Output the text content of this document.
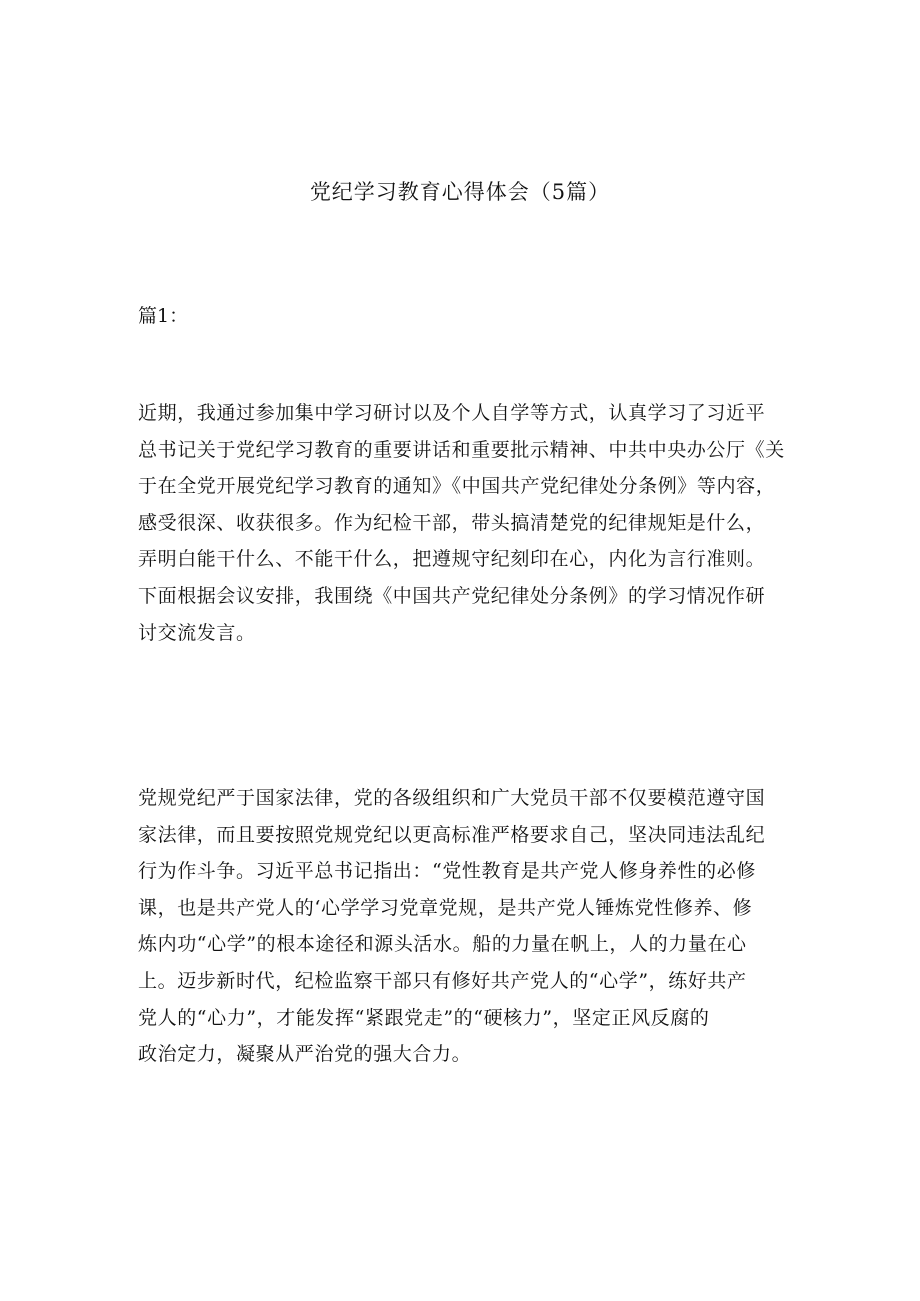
党纪学习教育心得体会（5篇）
篇1：
近期，我通过参加集中学习研讨以及个人自学等方式，认真学习了习近平
总书记关于党纪学习教育的重要讲话和重要批示精神、中共中央办公厅《关
于在全党开展党纪学习教育的通知》《中国共产党纪律处分条例》等内容，
感受很深、收获很多。作为纪检干部，带头搞清楚党的纪律规矩是什么，
弄明白能干什么、不能干什么，把遵规守纪刻印在心，内化为言行准则。
下面根据会议安排，我围绕《中国共产党纪律处分条例》的学习情况作研
讨交流发言。
党规党纪严于国家法律，党的各级组织和广大党员干部不仅要模范遵守国
家法律，而且要按照党规党纪以更高标准严格要求自己，坚决同违法乱纪
行为作斗争。习近平总书记指出：“党性教育是共产党人修身养性的必修
课，也是共产党人的‘心学学习党章党规，是共产党人锤炼党性修养、修
炼内功“心学”的根本途径和源头活水。船的力量在帆上，人的力量在心
上。迈步新时代，纪检监察干部只有修好共产党人的“心学”，练好共产
党人的“心力”，才能发挥“紧跟党走”的“硬核力”，坚定正风反腐的
政治定力，凝聚从严治党的强大合力。
